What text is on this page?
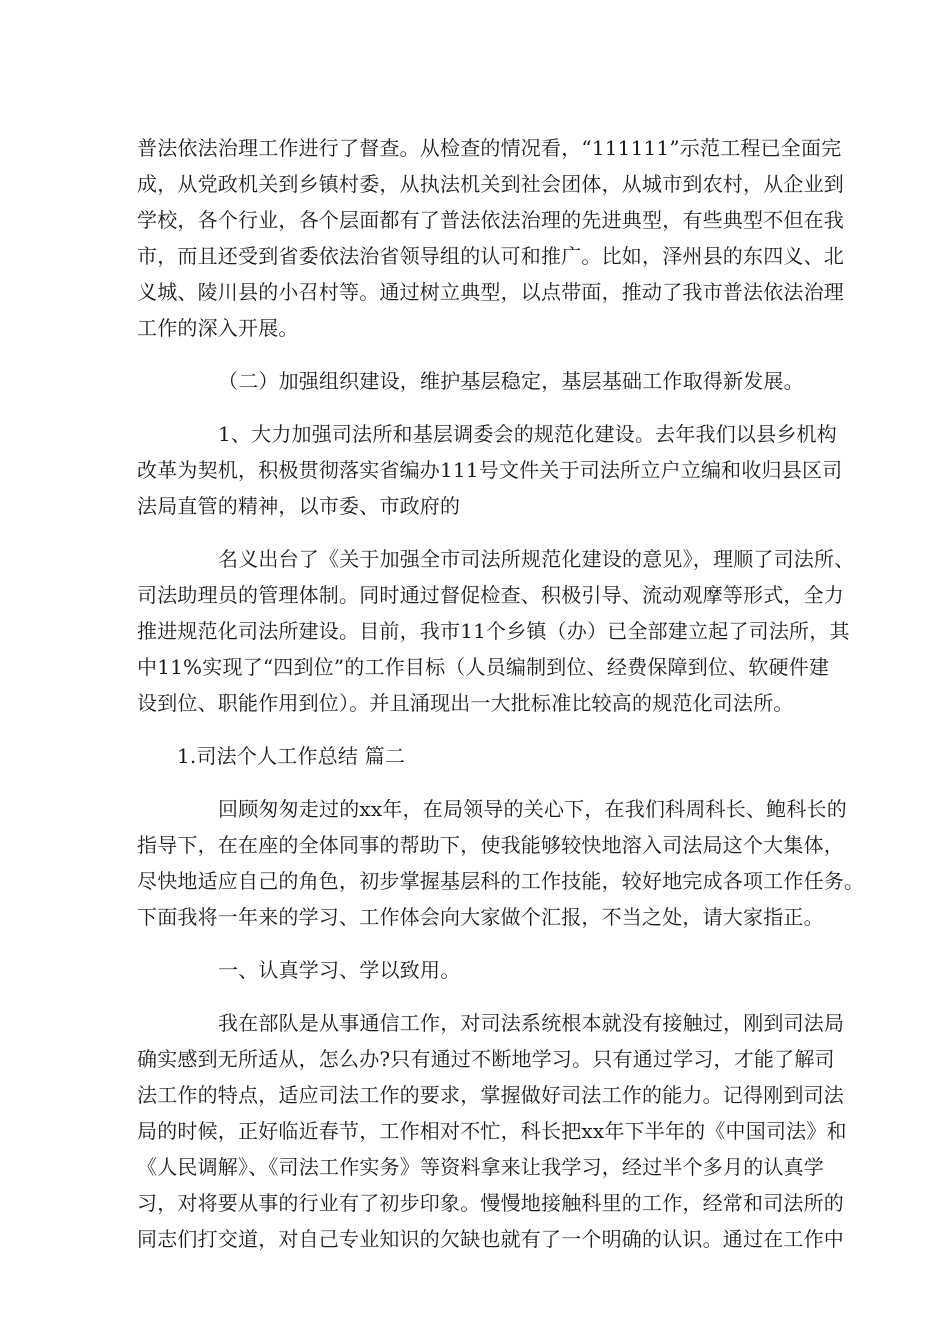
普法依法治理工作进行了督查。从检查的情况看，“111111”示范工程已全面完

成，从党政机关到乡镇村委，从执法机关到社会团体，从城市到农村，从企业到

学校，各个行业，各个层面都有了普法依法治理的先进典型，有些典型不但在我

市，而且还受到省委依法治省领导组的认可和推广。比如，泽州县的东四义、北

义城、陵川县的小召村等。通过树立典型，以点带面，推动了我市普法依法治理

工作的深入开展。

（二）加强组织建设，维护基层稳定，基层基础工作取得新发展。

1、大力加强司法所和基层调委会的规范化建设。去年我们以县乡机构

改革为契机，积极贯彻落实省编办111号文件关于司法所立户立编和收归县区司

法局直管的精神，以市委、市政府的

名义出台了《关于加强全市司法所规范化建设的意见》，理顺了司法所、

司法助理员的管理体制。同时通过督促检查、积极引导、流动观摩等形式，全力

推进规范化司法所建设。目前，我市11个乡镇（办）已全部建立起了司法所，其

中11%实现了“四到位”的工作目标（人员编制到位、经费保障到位、软硬件建

设到位、职能作用到位）。并且涌现出一大批标准比较高的规范化司法所。

1.司法个人工作总结 篇二

回顾匆匆走过的xx年，在局领导的关心下，在我们科周科长、鲍科长的

指导下，在在座的全体同事的帮助下，使我能够较快地溶入司法局这个大集体，

尽快地适应自己的角色，初步掌握基层科的工作技能，较好地完成各项工作任务。

下面我将一年来的学习、工作体会向大家做个汇报，不当之处，请大家指正。

一、认真学习、学以致用。

我在部队是从事通信工作，对司法系统根本就没有接触过，刚到司法局

确实感到无所适从，怎么办?只有通过不断地学习。只有通过学习，才能了解司

法工作的特点，适应司法工作的要求，掌握做好司法工作的能力。记得刚到司法

局的时候，正好临近春节，工作相对不忙，科长把xx年下半年的《中国司法》和

《人民调解》、《司法工作实务》等资料拿来让我学习，经过半个多月的认真学

习，对将要从事的行业有了初步印象。慢慢地接触科里的工作，经常和司法所的

同志们打交道，对自己专业知识的欠缺也就有了一个明确的认识。通过在工作中
